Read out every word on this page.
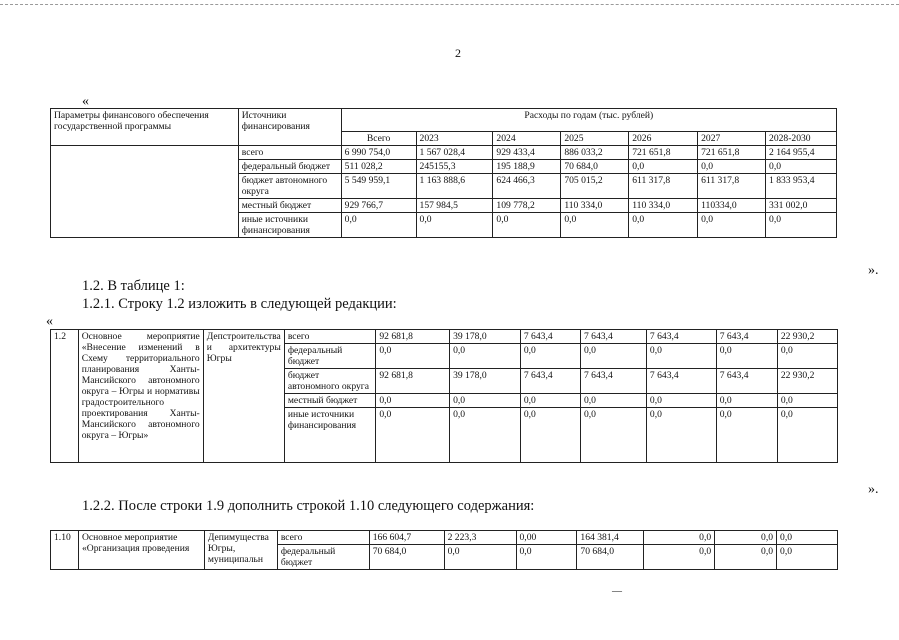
2
«
Параметры финансового обеспечения государственной программы	Источники финансирования	Расходы по годам (тыс. рублей)						
		Всего	2023	2024	2025	2026	2027	2028-2030
	всего	6 990 754,0	1 567 028,4	929 433,4	886 033,2	721 651,8	721 651,8	2 164 955,4
	федеральный бюджет	511 028,2	245155,3	195 188,9	70 684,0	0,0	0,0	0,0
	бюджет автономного округа	5 549 959,1	1 163 888,6	624 466,3	705 015,2	611 317,8	611 317,8	1 833 953,4
	местный бюджет	929 766,7	157 984,5	109 778,2	110 334,0	110 334,0	110334,0	331 002,0
	иные источники финансирования	0,0	0,0	0,0	0,0	0,0	0,0	0,0
».
1.2. В таблице 1:
1.2.1. Строку 1.2 изложить в следующей редакции:
«
1.2	Основное мероприятие «Внесение изменений в Схему территориального планирования Ханты-Мансийского автономного округа – Югры и нормативы градостроительного проектирования Ханты-Мансийского автономного округа – Югры»	Депстроительства и архитектуры Югры	всего	92 681,8	39 178,0	7 643,4	7 643,4	7 643,4	7 643,4	22 930,2
			федеральный бюджет	0,0	0,0	0,0	0,0	0,0	0,0	0,0
			бюджет автономного округа	92 681,8	39 178,0	7 643,4	7 643,4	7 643,4	7 643,4	22 930,2
			местный бюджет	0,0	0,0	0,0	0,0	0,0	0,0	0,0
			иные источники финансирования	0,0	0,0	0,0	0,0	0,0	0,0	0,0
».
1.2.2. После строки 1.9 дополнить строкой 1.10 следующего содержания:
1.10	Основное мероприятие «Организация проведения	Депимущества Югры, муниципальн	всего	166 604,7	2 223,3	0,00	164 381,4	0,0	0,0	0,0
			федеральный бюджет	70 684,0	0,0	0,0	70 684,0	0,0	0,0	0,0
―
